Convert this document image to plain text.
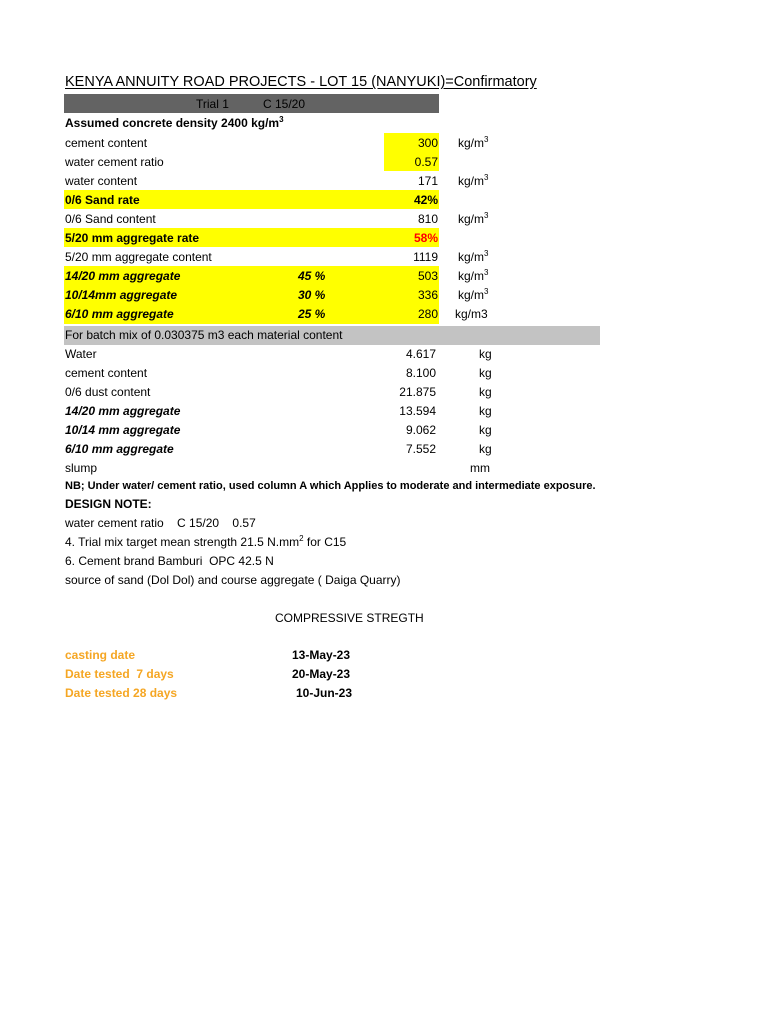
KENYA ANNUITY ROAD PROJECTS - LOT 15 (NANYUKI)=Confirmatory
Trial 1	C 15/20
Assumed concrete density 2400 $kg/m^3$
cement content	300 $kg/m^3$
water cement ratio	0.57
water content	171 $kg/m^3$
0/6 Sand rate	42%
0/6 Sand content	810 $kg/m^3$
5/20 mm aggregate rate	58%
5/20 mm aggregate content	1119 $kg/m^3$
14/20 mm aggregate	45 %	503 $kg/m^3$
10/14mm aggregate	30 %	336 $kg/m^3$
6/10 mm aggregate	25 %	280 kg/m3
For batch mix of 0.030375 m3 each material content
Water	4.617	kg
cement content	8.100	kg
0/6 dust content	21.875	kg
14/20 mm aggregate	13.594	kg
10/14 mm aggregate	9.062	kg
6/10 mm aggregate	7.552	kg
slump	mm
NB; Under water/ cement ratio, used column A which Applies to moderate and intermediate exposure.
DESIGN NOTE:
water cement ratio    C 15/20    0.57
4. Trial mix target mean strength 21.5 $N.mm^2$ for C15
6. Cement brand Bamburi  OPC 42.5 N
source of sand (Dol Dol) and course aggregate ( Daiga Quarry)
COMPRESSIVE STREGTH
casting date	13-May-23
Date tested  7 days	20-May-23
Date tested 28 days	10-Jun-23
